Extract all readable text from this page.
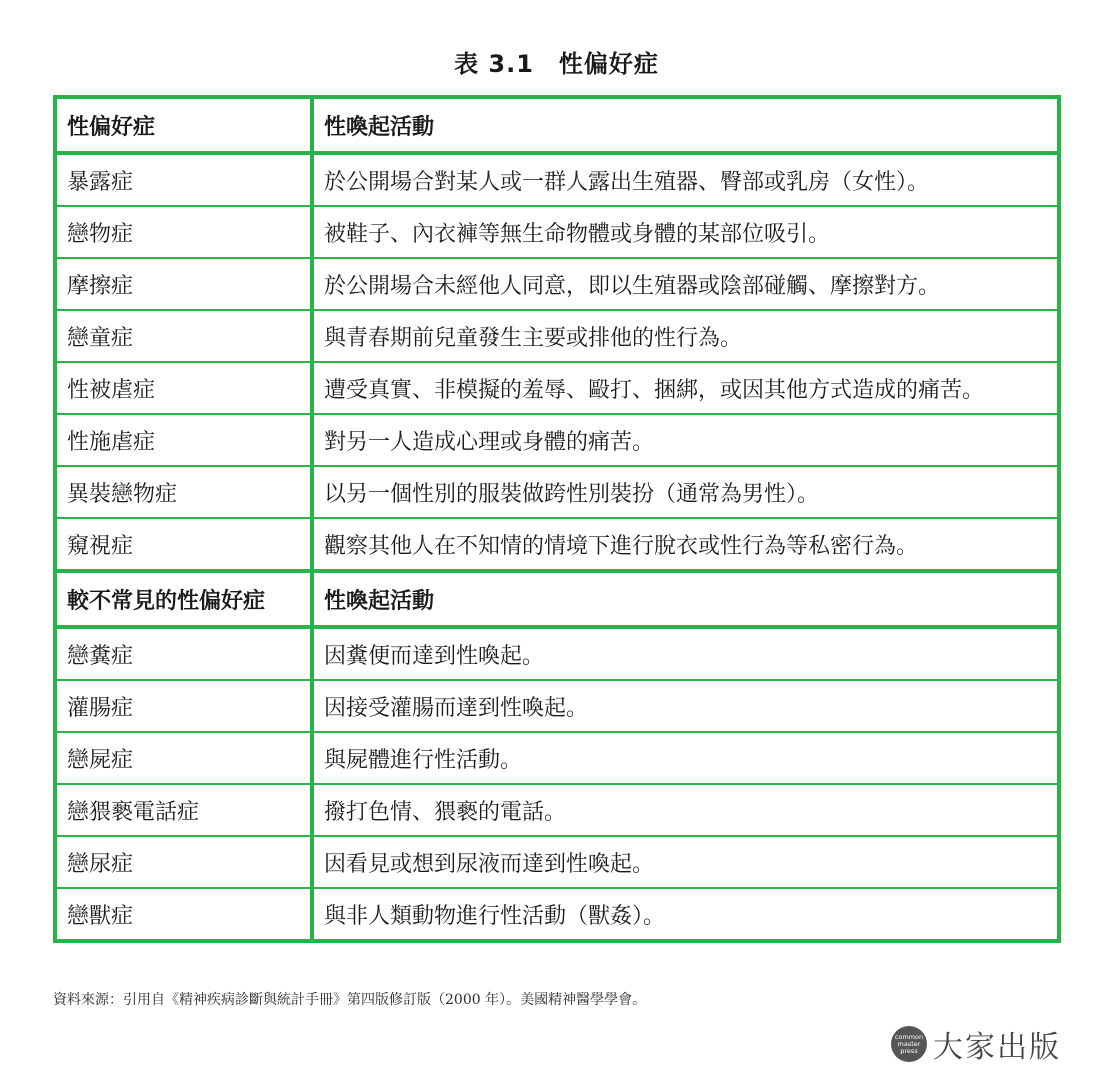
表 3.1　性偏好症
性偏好症	性喚起活動
暴露症	於公開場合對某人或一群人露出生殖器、臀部或乳房（女性）。
戀物症	被鞋子、內衣褲等無生命物體或身體的某部位吸引。
摩擦症	於公開場合未經他人同意，即以生殖器或陰部碰觸、摩擦對方。
戀童症	與青春期前兒童發生主要或排他的性行為。
性被虐症	遭受真實、非模擬的羞辱、毆打、捆綁，或因其他方式造成的痛苦。
性施虐症	對另一人造成心理或身體的痛苦。
異裝戀物症	以另一個性別的服裝做跨性別裝扮（通常為男性）。
窺視症	觀察其他人在不知情的情境下進行脫衣或性行為等私密行為。
較不常見的性偏好症	性喚起活動
戀糞症	因糞便而達到性喚起。
灌腸症	因接受灌腸而達到性喚起。
戀屍症	與屍體進行性活動。
戀猥褻電話症	撥打色情、猥褻的電話。
戀尿症	因看見或想到尿液而達到性喚起。
戀獸症	與非人類動物進行性活動（獸姦）。
資料來源：引用自《精神疾病診斷與統計手冊》第四版修訂版（2000 年）。美國精神醫學學會。
common
master
press 大家出版
